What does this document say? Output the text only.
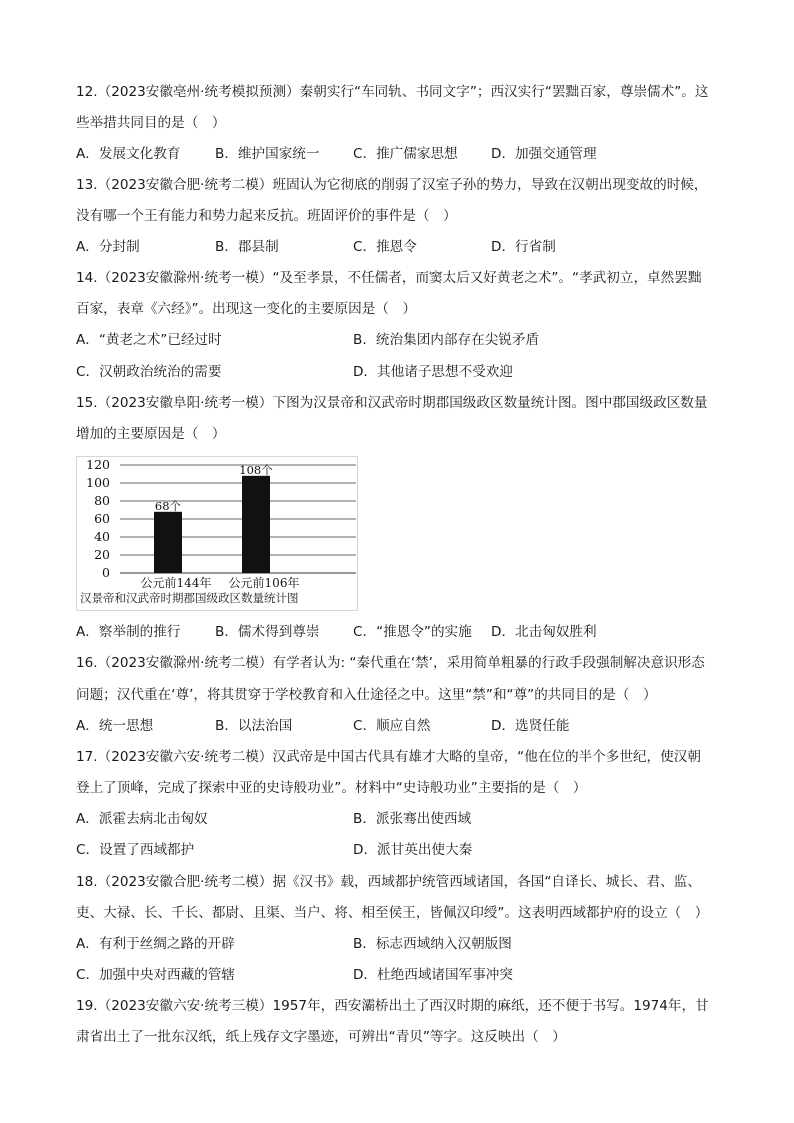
12.（2023安徽亳州·统考模拟预测）秦朝实行“车同轨、书同文字”；西汉实行“罢黜百家，尊崇儒术”。这
些举措共同目的是（　）
A．发展文化教育	B．维护国家统一 C．推广儒家思想 D．加强交通管理
13.（2023安徽合肥·统考二模）班固认为它彻底的削弱了汉室子孙的势力，导致在汉朝出现变故的时候，
没有哪一个王有能力和势力起来反抗。班固评价的事件是（　）
A．分封制	B．郡县制	C．推恩令	D．行省制
14.（2023安徽滁州·统考一模）“及至孝景，不任儒者，而窦太后又好黄老之术”。“孝武初立，卓然罢黜
百家，表章《六经》”。出现这一变化的主要原因是（　）
A．“黄老之术”已经过时	B．统治集团内部存在尖锐矛盾
C．汉朝政治统治的需要	D．其他诸子思想不受欢迎
15.（2023安徽阜阳·统考一模）下图为汉景帝和汉武帝时期郡国级政区数量统计图。图中郡国级政区数量
增加的主要原因是（　）
0
20
40
60
80
100
120
68个
公元前144年
108个
公元前106年
汉景帝和汉武帝时期郡国级政区数量统计图
A．察举制的推行	B．儒术得到尊崇 C．“推恩令”的实施 D．北击匈奴胜利
16.（2023安徽滁州·统考二模）有学者认为: “秦代重在‘禁’，采用简单粗暴的行政手段强制解决意识形态
问题；汉代重在‘尊’，将其贯穿于学校教育和入仕途径之中。这里“禁”和“尊”的共同目的是（　）
A．统一思想	B．以法治国	C．顺应自然	D．选贤任能
17.（2023安徽六安·统考二模）汉武帝是中国古代具有雄才大略的皇帝，“他在位的半个多世纪，使汉朝
登上了顶峰，完成了探索中亚的史诗般功业”。材料中“史诗般功业”主要指的是（　）
A．派霍去病北击匈奴	B．派张骞出使西域
C．设置了西域都护	D．派甘英出使大秦
18.（2023安徽合肥·统考二模）据《汉书》载，西域都护统管西域诸国，各国“自译长、城长、君、监、
吏、大禄、长、千长、都尉、且渠、当户、将、相至侯王，皆佩汉印绶”。这表明西域都护府的设立（　）
A．有利于丝绸之路的开辟	B．标志西域纳入汉朝版图
C．加强中央对西藏的管辖	D．杜绝西域诸国军事冲突
19.（2023安徽六安·统考三模）1957年，西安灞桥出土了西汉时期的麻纸，还不便于书写。1974年，甘
肃省出土了一批东汉纸，纸上残存文字墨迹，可辨出“青贝”等字。这反映出（　）
